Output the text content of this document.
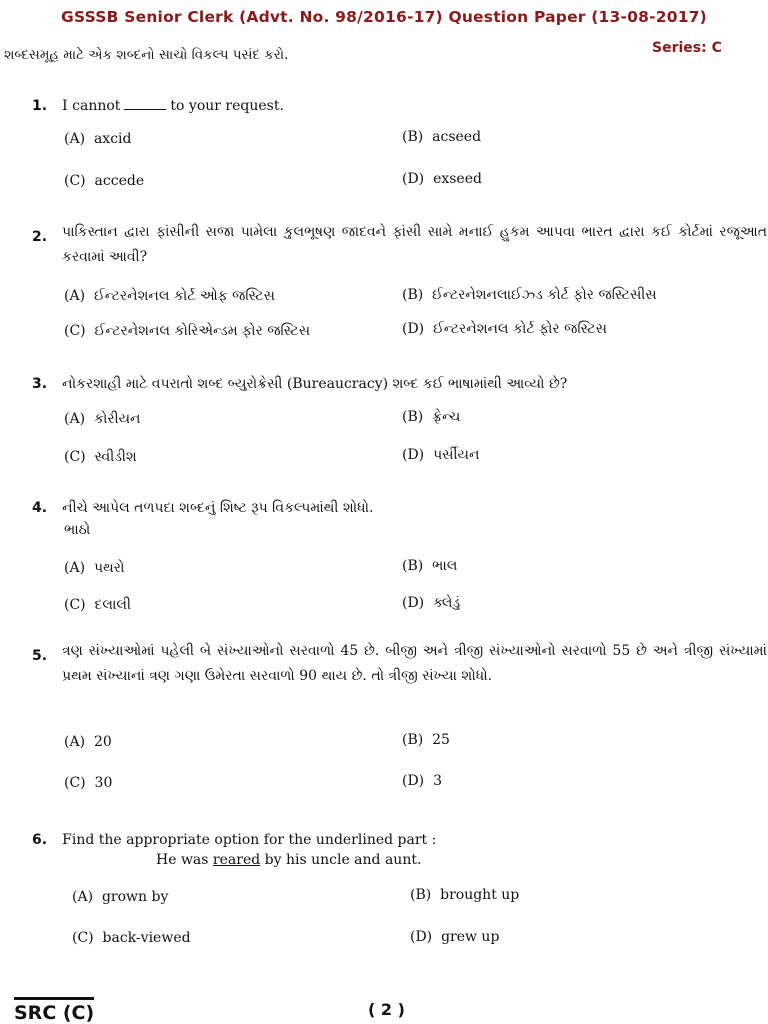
GSSSB Senior Clerk (Advt. No. 98/2016-17) Question Paper (13-08-2017)
Series: C
શબ્દસમૂહ માટે એક શબ્દનો સાચો વિકલ્પ પસંદ કરો.
1. I cannot	to your request.
(A) axcid	(B) acseed
(C) accede	(D) exseed
2. પાકિસ્તાન દ્વારા ફાંસીની સજા પામેલા કુલભૂષણ જાદવને ફાંસી સામે મનાઈ હુકમ આપવા ભારત દ્વારા કઈ કોર્ટમાં રજૂઆત કરવામાં આવી?
(A) ઈન્ટરનેશનલ કોર્ટ ઓફ જસ્ટિસ	(B) ઈન્ટરનેશનલાઈઝ્ડ કોર્ટ ફોર જસ્ટિસીસ
(C) ઈન્ટરનેશનલ કોરિએન્ડમ ફોર જસ્ટિસ	(D) ઈન્ટરનેશનલ કોર્ટ ફોર જસ્ટિસ
3. નોકરશાહી માટે વપરાતો શબ્દ બ્યુરોક્રેસી (Bureaucracy) શબ્દ કઈ ભાષામાંથી આવ્યો છે?
(A) કોરીયન	(B) ફ્રેન્ચ
(C) સ્વીડીશ	(D) પર્સીયન
4. નીચે આપેલ તળપદા શબ્દનું શિષ્ટ રૂપ વિકલ્પમાંથી શોધો.
ભાઠો
(A) પથરો	(B) ભાલ
(C) દલાલી	(D) ક્લેડું
5. ત્રણ સંખ્યાઓમાં પહેલી બે સંખ્યાઓનો સરવાળો 45 છે. બીજી અને ત્રીજી સંખ્યાઓનો સરવાળો 55 છે અને ત્રીજી સંખ્યામાં પ્રથમ સંખ્યાનાં ત્રણ ગણા ઉમેરતા સરવાળો 90 થાય છે. તો ત્રીજી સંખ્યા શોધો.
(A) 20	(B) 25
(C) 30	(D) 3
6. Find the appropriate option for the underlined part :
He was reared by his uncle and aunt.
(A) grown by	(B) brought up
(C) back-viewed	(D) grew up
SRC (C)	( 2 )
